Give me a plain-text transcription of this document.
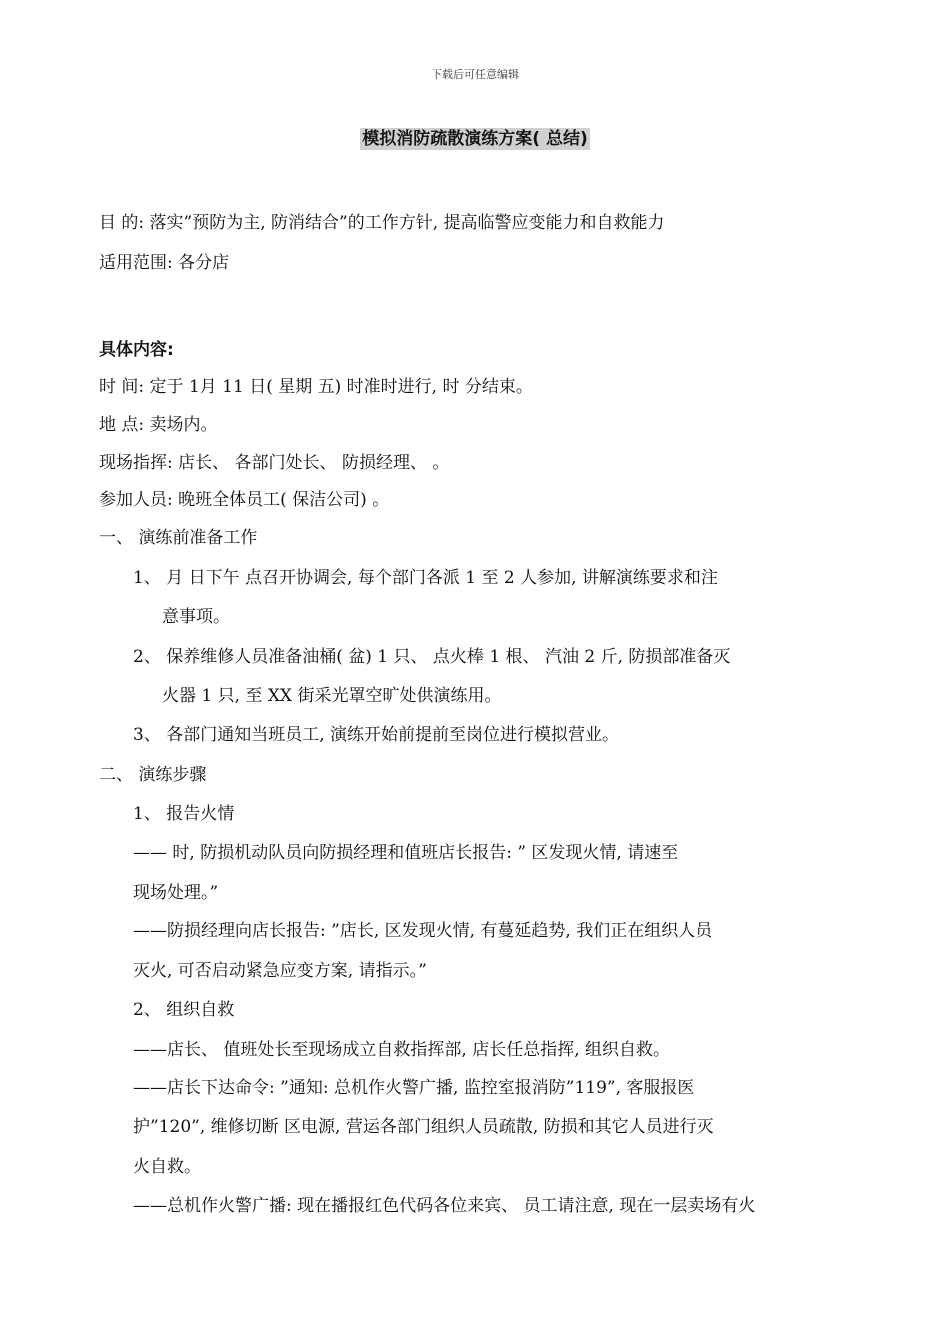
下载后可任意编辑
模拟消防疏散演练方案( 总结)
目 的: 落实”预防为主, 防消结合”的工作方针, 提高临警应变能力和自救能力
适用范围: 各分店
具体内容:
时 间: 定于 1月 11 日( 星期 五) 时准时进行, 时 分结束。
地 点: 卖场内。
现场指挥: 店长、 各部门处长、 防损经理、 。
参加人员: 晚班全体员工( 保洁公司) 。
一、 演练前准备工作
1、 月 日下午 点召开协调会, 每个部门各派 1 至 2 人参加, 讲解演练要求和注
意事项。
2、 保养维修人员准备油桶( 盆) 1 只、 点火棒 1 根、 汽油 2 斤, 防损部准备灭
火器 1 只, 至 XX 街采光罩空旷处供演练用。
3、 各部门通知当班员工, 演练开始前提前至岗位进行模拟营业。
二、 演练步骤
1、 报告火情
—— 时, 防损机动队员向防损经理和值班店长报告: ” 区发现火情, 请速至
现场处理。”
——防损经理向店长报告: ”店长, 区发现火情, 有蔓延趋势, 我们正在组织人员
灭火, 可否启动紧急应变方案, 请指示。”
2、 组织自救
——店长、 值班处长至现场成立自救指挥部, 店长任总指挥, 组织自救。
——店长下达命令: ”通知: 总机作火警广播, 监控室报消防”119”, 客服报医
护”120”, 维修切断 区电源, 营运各部门组织人员疏散, 防损和其它人员进行灭
火自救。
——总机作火警广播: 现在播报红色代码各位来宾、 员工请注意, 现在一层卖场有火
